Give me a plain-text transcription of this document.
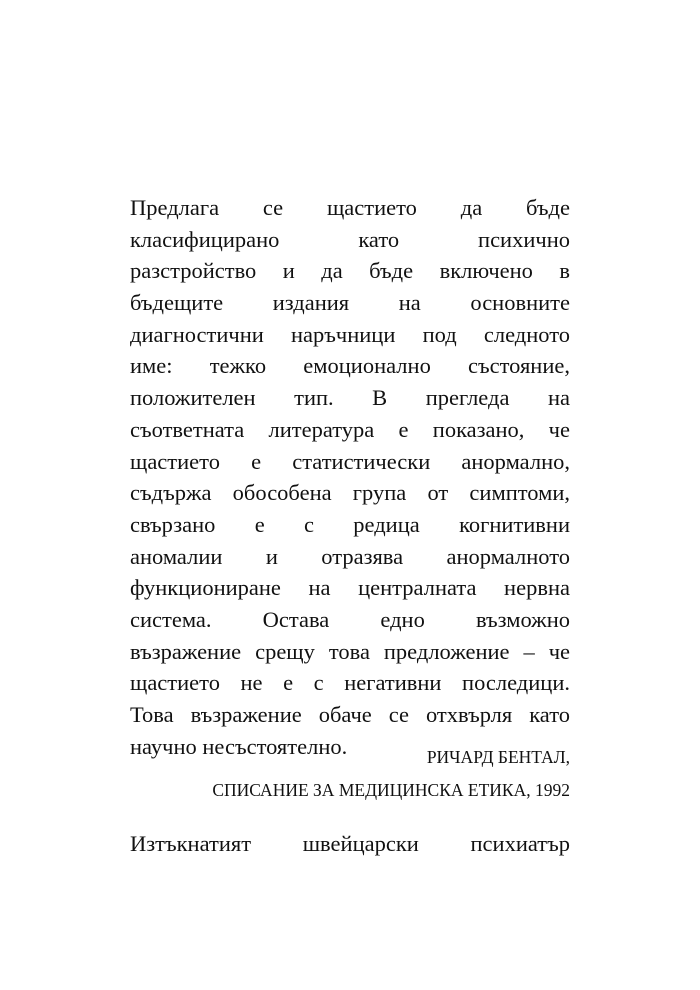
Предлага се щастието да бъде
класифицирано като психично
разстройство и да бъде включено в
бъдещите издания на основните
диагностични наръчници под следното
име: тежко емоционално състояние,
положителен тип. В прегледа на
съответната литература е показано, че
щастието е статистически анормално,
съдържа обособена група от симптоми,
свързано е с редица когнитивни
аномалии и отразява анормалното
функциониране на централната нервна
система. Остава едно възможно
възражение срещу това предложение – че
щастието не е с негативни последици.
Това възражение обаче се отхвърля като
научно несъстоятелно.	РИЧАРД БЕНТАЛ,
СПИСАНИЕ ЗА МЕДИЦИНСКА ЕТИКА, 1992
Изтъкнатият швейцарски психиатър
